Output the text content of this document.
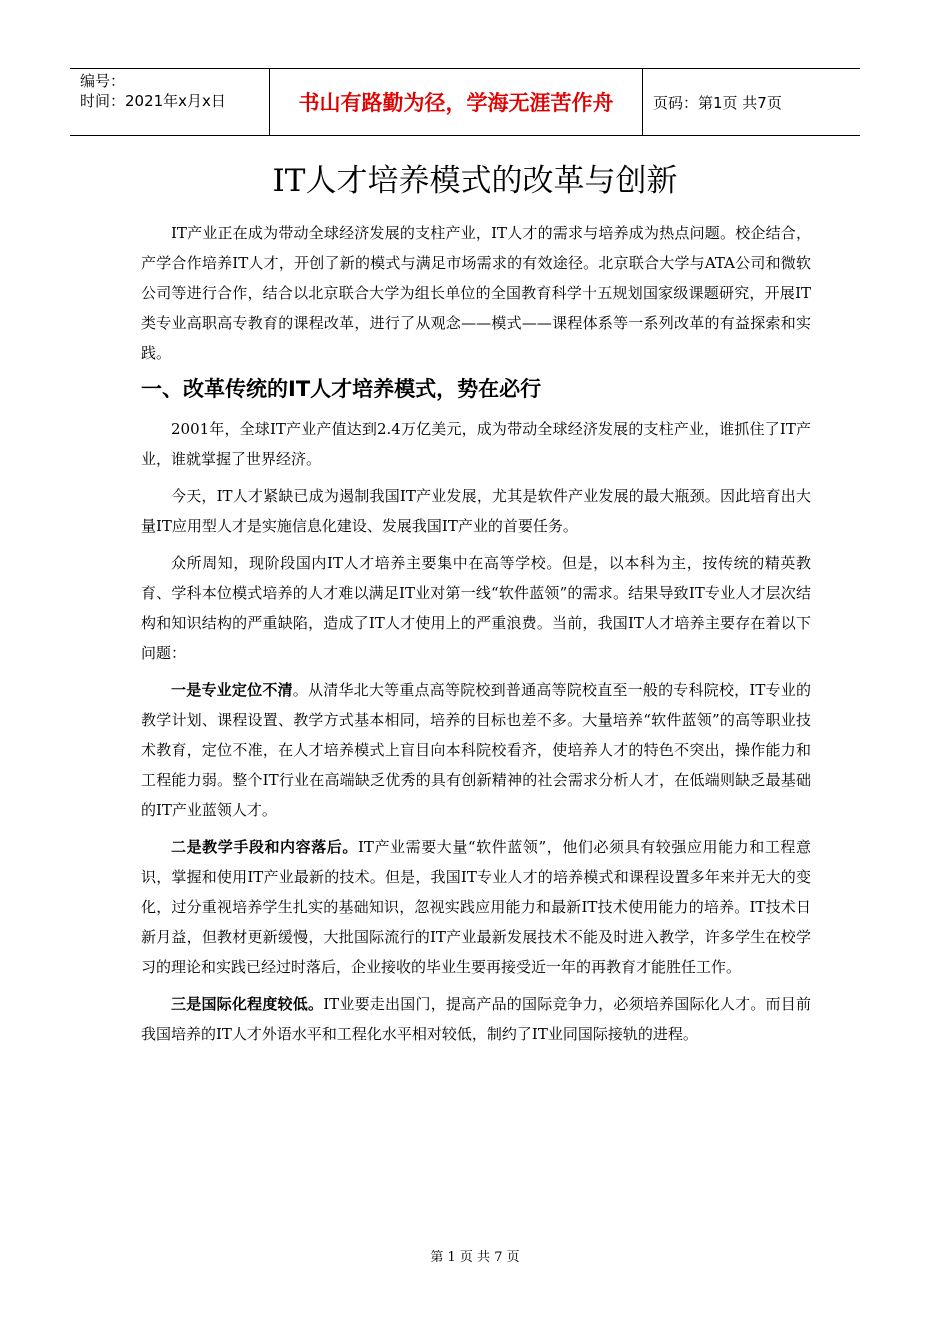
编号：
时间：2021年x月x日	书山有路勤为径，学海无涯苦作舟	页码：第1页 共7页
IT人才培养模式的改革与创新

IT产业正在成为带动全球经济发展的支柱产业，IT人才的需求与培养成为热点问题。校企结合，产学合作培养IT人才，开创了新的模式与满足市场需求的有效途径。北京联合大学与ATA公司和微软公司等进行合作，结合以北京联合大学为组长单位的全国教育科学十五规划国家级课题研究，开展IT类专业高职高专教育的课程改革，进行了从观念——模式——课程体系等一系列改革的有益探索和实践。

一、改革传统的IT人才培养模式，势在必行

2001年，全球IT产业产值达到2.4万亿美元，成为带动全球经济发展的支柱产业，谁抓住了IT产业，谁就掌握了世界经济。

今天，IT人才紧缺已成为遏制我国IT产业发展，尤其是软件产业发展的最大瓶颈。因此培育出大量IT应用型人才是实施信息化建设、发展我国IT产业的首要任务。

众所周知，现阶段国内IT人才培养主要集中在高等学校。但是，以本科为主，按传统的精英教育、学科本位模式培养的人才难以满足IT业对第一线“软件蓝领”的需求。结果导致IT专业人才层次结构和知识结构的严重缺陷，造成了IT人才使用上的严重浪费。当前，我国IT人才培养主要存在着以下问题：

一是专业定位不清。从清华北大等重点高等院校到普通高等院校直至一般的专科院校，IT专业的教学计划、课程设置、教学方式基本相同，培养的目标也差不多。大量培养“软件蓝领”的高等职业技术教育，定位不准，在人才培养模式上盲目向本科院校看齐，使培养人才的特色不突出，操作能力和工程能力弱。整个IT行业在高端缺乏优秀的具有创新精神的社会需求分析人才，在低端则缺乏最基础的IT产业蓝领人才。

二是教学手段和内容落后。IT产业需要大量“软件蓝领”，他们必须具有较强应用能力和工程意识，掌握和使用IT产业最新的技术。但是，我国IT专业人才的培养模式和课程设置多年来并无大的变化，过分重视培养学生扎实的基础知识，忽视实践应用能力和最新IT技术使用能力的培养。IT技术日新月益，但教材更新缓慢，大批国际流行的IT产业最新发展技术不能及时进入教学，许多学生在校学习的理论和实践已经过时落后，企业接收的毕业生要再接受近一年的再教育才能胜任工作。

三是国际化程度较低。IT业要走出国门，提高产品的国际竞争力，必须培养国际化人才。而目前我国培养的IT人才外语水平和工程化水平相对较低，制约了IT业同国际接轨的进程。

第 1 页 共 7 页
